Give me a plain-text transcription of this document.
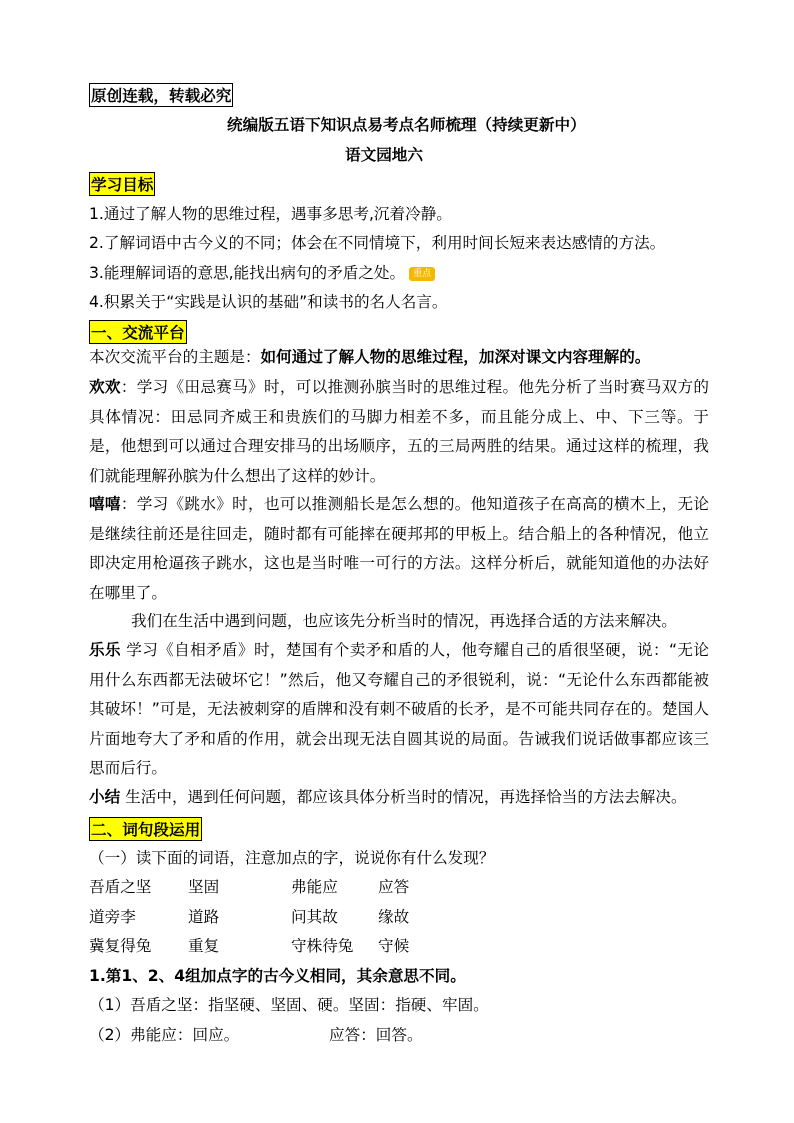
原创连载，转载必究
统编版五语下知识点易考点名师梳理（持续更新中）
语文园地六
学习目标
1.通过了解人物的思维过程，遇事多思考,沉着冷静。
2.了解词语中古今义的不同；体会在不同情境下，利用时间长短来表达感情的方法。
3.能理解词语的意思,能找出病句的矛盾之处。 重点
4.积累关于“实践是认识的基础”和读书的名人名言。
一、交流平台
本次交流平台的主题是：如何通过了解人物的思维过程，加深对课文内容理解的。
欢欢：学习《田忌赛马》时，可以推测孙膑当时的思维过程。他先分析了当时赛马双方的具体情况：田忌同齐威王和贵族们的马脚力相差不多，而且能分成上、中、下三等。于是，他想到可以通过合理安排马的出场顺序，五的三局两胜的结果。通过这样的梳理，我们就能理解孙膑为什么想出了这样的妙计。
嘻嘻：学习《跳水》时，也可以推测船长是怎么想的。他知道孩子在高高的横木上，无论是继续往前还是往回走，随时都有可能摔在硬邦邦的甲板上。结合船上的各种情况，他立即决定用枪逼孩子跳水，这也是当时唯一可行的方法。这样分析后，就能知道他的办法好在哪里了。
我们在生活中遇到问题，也应该先分析当时的情况，再选择合适的方法来解决。
乐乐 学习《自相矛盾》时，楚国有个卖矛和盾的人，他夸耀自己的盾很坚硬，说：“无论用什么东西都无法破坏它！”然后，他又夸耀自己的矛很锐利，说：“无论什么东西都能被其破坏！”可是，无法被刺穿的盾牌和没有刺不破盾的长矛，是不可能共同存在的。楚国人片面地夸大了矛和盾的作用，就会出现无法自圆其说的局面。告诫我们说话做事都应该三思而后行。
小结 生活中，遇到任何问题，都应该具体分析当时的情况，再选择恰当的方法去解决。
二、词句段运用
（一）读下面的词语，注意加点的字，说说你有什么发现？
吾盾之坚 坚固	弗能应	应答
道旁李	道路	问其故	缘故
冀复得兔 重复	守株待兔 守候
1.第1、2、4组加点字的古今义相同，其余意思不同。
（1）吾盾之坚：指坚硬、坚固、硬。坚固：指硬、牢固。
（2）弗能应：回应。	应答：回答。
